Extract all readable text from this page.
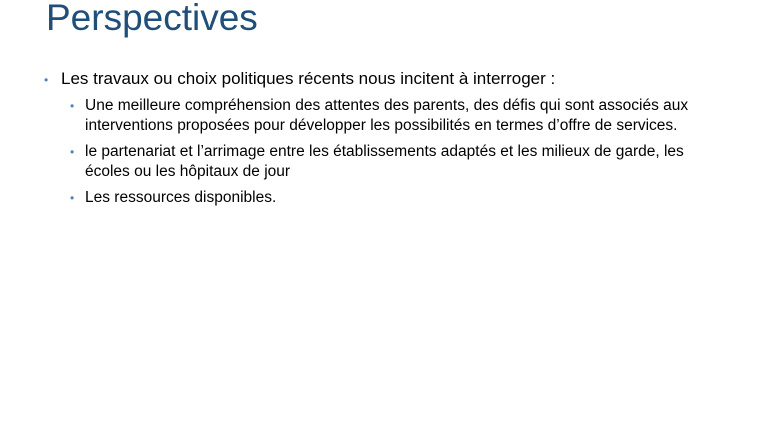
Perspectives
• Les travaux ou choix politiques récents nous incitent à interroger :
• Une meilleure compréhension des attentes des parents, des défis qui sont associés aux interventions proposées pour développer les possibilités en termes d’offre de services.
• le partenariat et l’arrimage entre les établissements adaptés et les milieux de garde, les écoles ou les hôpitaux de jour
• Les ressources disponibles.
